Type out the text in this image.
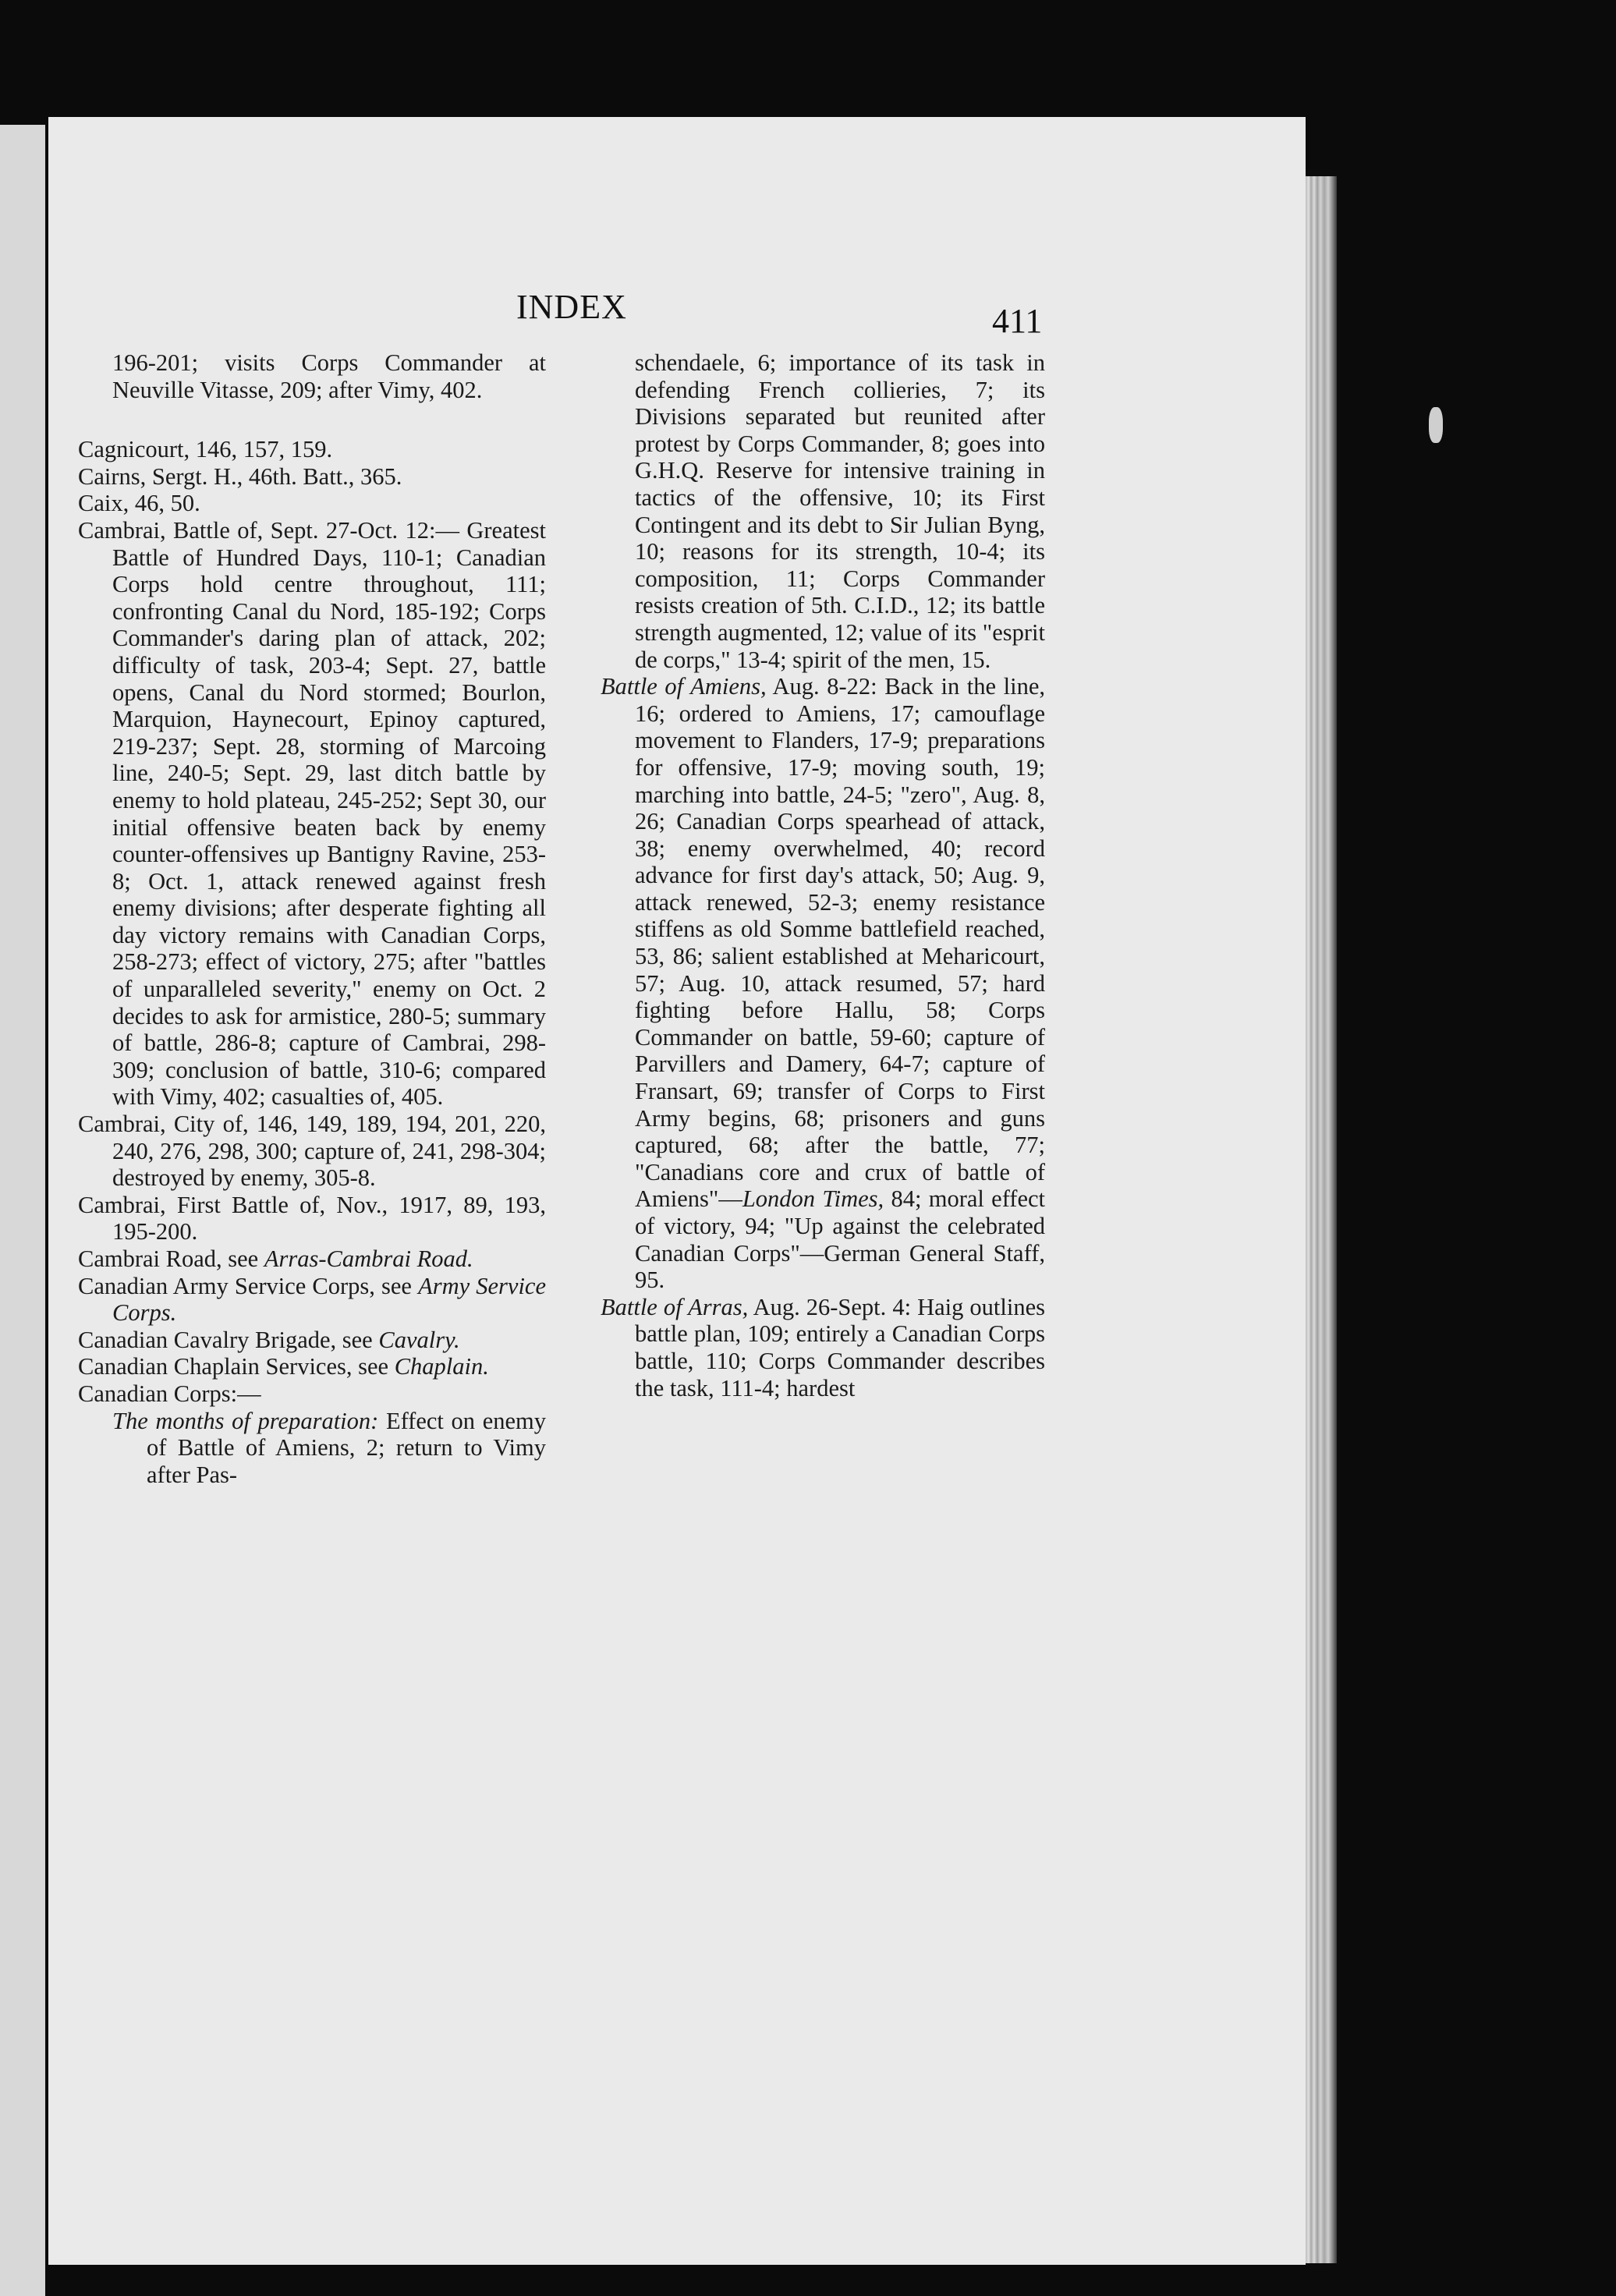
INDEX	411

196-201; visits Corps Commander at Neuville Vitasse, 209; after Vimy, 402.

Cagnicourt, 146, 157, 159.

Cairns, Sergt. H., 46th. Batt., 365.

Caix, 46, 50.

Cambrai, Battle of, Sept. 27-Oct. 12:— Greatest Battle of Hundred Days, 110-1; Canadian Corps hold centre throughout, 111; confronting Canal du Nord, 185-192; Corps Commander's daring plan of attack, 202; difficulty of task, 203-4; Sept. 27, battle opens, Canal du Nord stormed; Bourlon, Marquion, Haynecourt, Epinoy captured, 219-237; Sept. 28, storming of Marcoing line, 240-5; Sept. 29, last ditch battle by enemy to hold plateau, 245-252; Sept 30, our initial offensive beaten back by enemy counter-offensives up Bantigny Ravine, 253-8; Oct. 1, attack renewed against fresh enemy divisions; after desperate fighting all day victory remains with Canadian Corps, 258-273; effect of victory, 275; after "battles of unparalleled severity," enemy on Oct. 2 decides to ask for armistice, 280-5; summary of battle, 286-8; capture of Cambrai, 298-309; conclusion of battle, 310-6; compared with Vimy, 402; casualties of, 405.

Cambrai, City of, 146, 149, 189, 194, 201, 220, 240, 276, 298, 300; capture of, 241, 298-304; destroyed by enemy, 305-8.

Cambrai, First Battle of, Nov., 1917, 89, 193, 195-200.

Cambrai Road, see Arras-Cambrai Road.

Canadian Army Service Corps, see Army Service Corps.

Canadian Cavalry Brigade, see Cavalry.

Canadian Chaplain Services, see Chaplain.

Canadian Corps:—

The months of preparation: Effect on enemy of Battle of Amiens, 2; return to Vimy after Pas-

schendaele, 6; importance of its task in defending French collieries, 7; its Divisions separated but reunited after protest by Corps Commander, 8; goes into G.H.Q. Reserve for intensive training in tactics of the offensive, 10; its First Contingent and its debt to Sir Julian Byng, 10; reasons for its strength, 10-4; its composition, 11; Corps Commander resists creation of 5th. C.I.D., 12; its battle strength augmented, 12; value of its "esprit de corps," 13-4; spirit of the men, 15.

Battle of Amiens, Aug. 8-22: Back in the line, 16; ordered to Amiens, 17; camouflage movement to Flanders, 17-9; preparations for offensive, 17-9; moving south, 19; marching into battle, 24-5; "zero", Aug. 8, 26; Canadian Corps spearhead of attack, 38; enemy overwhelmed, 40; record advance for first day's attack, 50; Aug. 9, attack renewed, 52-3; enemy resistance stiffens as old Somme battlefield reached, 53, 86; salient established at Meharicourt, 57; Aug. 10, attack resumed, 57; hard fighting before Hallu, 58; Corps Commander on battle, 59-60; capture of Parvillers and Damery, 64-7; capture of Fransart, 69; transfer of Corps to First Army begins, 68; prisoners and guns captured, 68; after the battle, 77; "Canadians core and crux of battle of Amiens"—London Times, 84; moral effect of victory, 94; "Up against the celebrated Canadian Corps"—German General Staff, 95.

Battle of Arras, Aug. 26-Sept. 4: Haig outlines battle plan, 109; entirely a Canadian Corps battle, 110; Corps Commander describes the task, 111-4; hardest
